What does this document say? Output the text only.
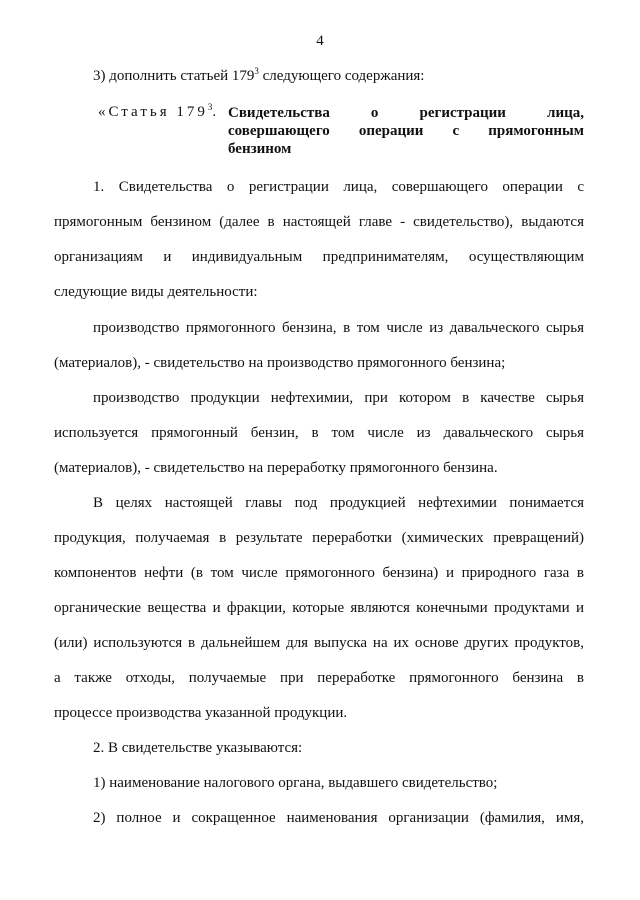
4
3) дополнить статьей $179^3$ следующего содержания:
«Статья $179^3$. Свидетельства о регистрации лица,
совершающего операции с прямогонным
бензином
1. Свидетельства о регистрации лица, совершающего операции с
прямогонным бензином (далее в настоящей главе - свидетельство), выдаются
организациям и индивидуальным предпринимателям, осуществляющим
следующие виды деятельности:
производство прямогонного бензина, в том числе из давальческого сырья
(материалов), - свидетельство на производство прямогонного бензина;
производство продукции нефтехимии, при котором в качестве сырья
используется прямогонный бензин, в том числе из давальческого сырья
(материалов), - свидетельство на переработку прямогонного бензина.
В целях настоящей главы под продукцией нефтехимии понимается
продукция, получаемая в результате переработки (химических превращений)
компонентов нефти (в том числе прямогонного бензина) и природного газа в
органические вещества и фракции, которые являются конечными продуктами и
(или) используются в дальнейшем для выпуска на их основе других продуктов,
а также отходы, получаемые при переработке прямогонного бензина в
процессе производства указанной продукции.
2. В свидетельстве указываются:
1) наименование налогового органа, выдавшего свидетельство;
2) полное и сокращенное наименования организации (фамилия, имя,
